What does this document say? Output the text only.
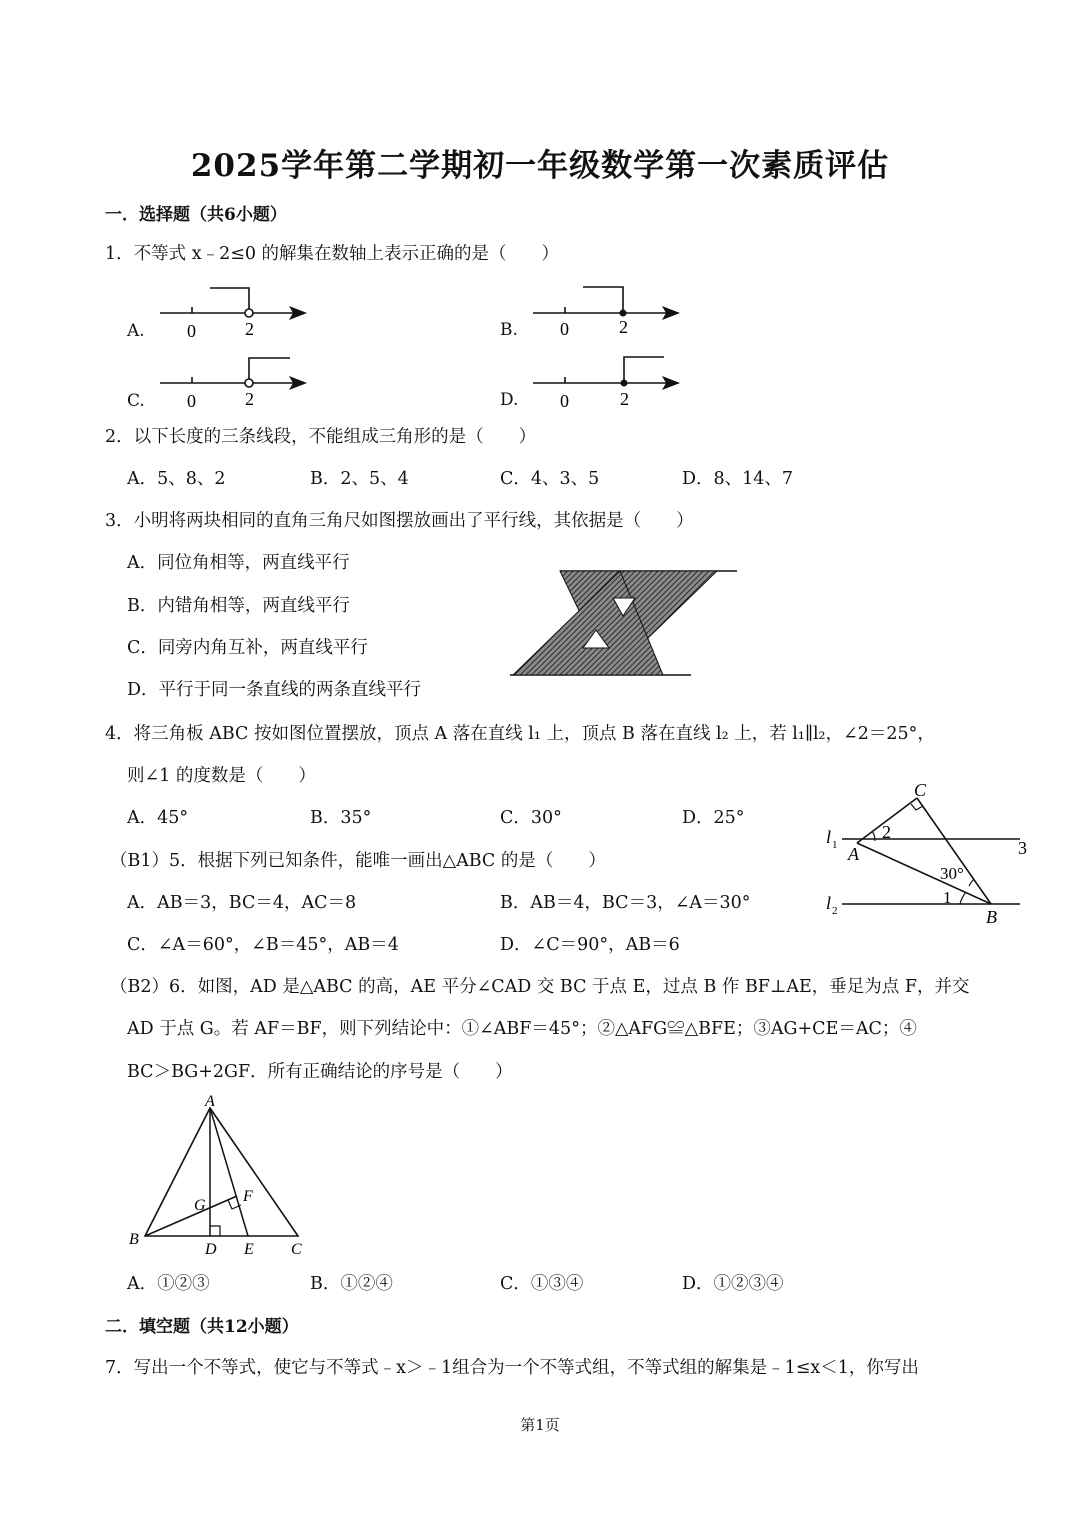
2025学年第二学期初一年级数学第一次素质评估
一．选择题（共6小题）
1．不等式 x﹣2≤0 的解集在数轴上表示正确的是（　　）
A. 0	2	B. 0	2
C. 0	2	D. 0	2
2．以下长度的三条线段，不能组成三角形的是（　　）
A．5、8、2	B．2、5、4	C．4、3、5	D．8、14、7
3．小明将两块相同的直角三角尺如图摆放画出了平行线，其依据是（　　）
A．同位角相等，两直线平行
B．内错角相等，两直线平行
C．同旁内角互补，两直线平行
D．平行于同一条直线的两条直线平行
4．将三角板 ABC 按如图位置摆放，顶点 A 落在直线 l₁ 上，顶点 B 落在直线 l₂ 上，若 l₁∥l₂，∠2＝25°，
则∠1 的度数是（　　）
A．45°	B．35°	C．30°	D．25°
C
l 1 A
2
3
30°
1
l 2	B
（B1）5．根据下列已知条件，能唯一画出△ABC 的是（　　）
A．AB＝3，BC＝4，AC＝8	B．AB＝4，BC＝3，∠A＝30°
C．∠A＝60°，∠B＝45°，AB＝4	D．∠C＝90°，AB＝6
（B2）6．如图，AD 是△ABC 的高，AE 平分∠CAD 交 BC 于点 E，过点 B 作 BF⊥AE，垂足为点 F，并交
AD 于点 G。若 AF＝BF，则下列结论中：①∠ABF＝45°；②△AFG≌△BFE；③AG+CE＝AC；④
BC＞BG+2GF．所有正确结论的序号是（　　）
A
G
F
B
D E C
A．①②③	B．①②④	C．①③④	D．①②③④
二．填空题（共12小题）
7．写出一个不等式，使它与不等式﹣x＞﹣1组合为一个不等式组，不等式组的解集是﹣1≤x＜1，你写出
第1页
